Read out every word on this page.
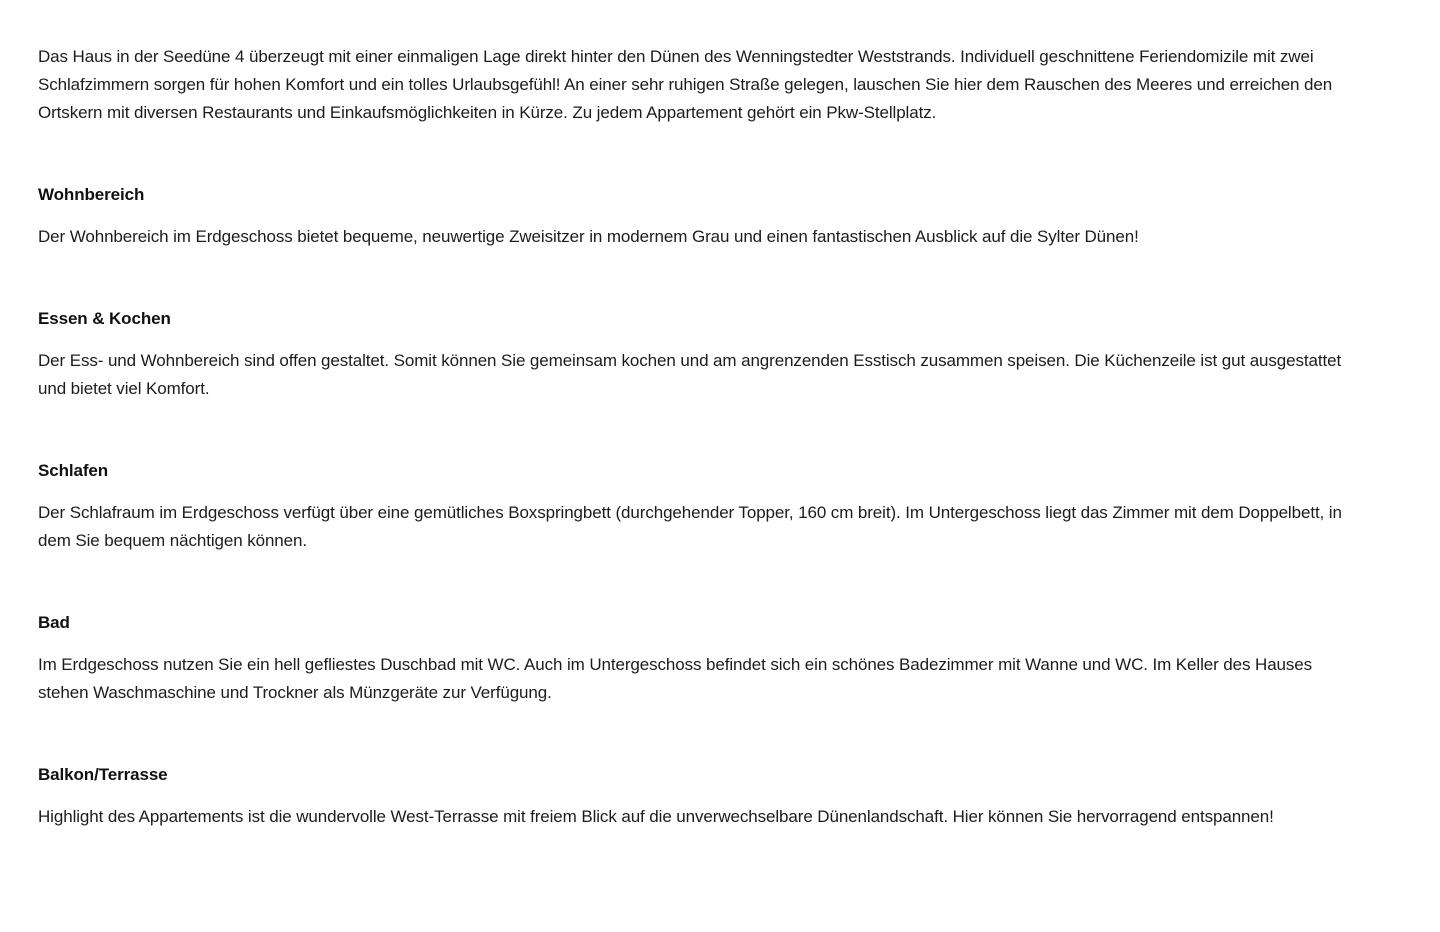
Das Haus in der Seedüne 4 überzeugt mit einer einmaligen Lage direkt hinter den Dünen des Wenningstedter Weststrands. Individuell geschnittene Feriendomizile mit zwei Schlafzimmern sorgen für hohen Komfort und ein tolles Urlaubsgefühl! An einer sehr ruhigen Straße gelegen, lauschen Sie hier dem Rauschen des Meeres und erreichen den Ortskern mit diversen Restaurants und Einkaufsmöglichkeiten in Kürze. Zu jedem Appartement gehört ein Pkw-Stellplatz.

Wohnbereich

Der Wohnbereich im Erdgeschoss bietet bequeme, neuwertige Zweisitzer in modernem Grau und einen fantastischen Ausblick auf die Sylter Dünen!

Essen & Kochen

Der Ess- und Wohnbereich sind offen gestaltet. Somit können Sie gemeinsam kochen und am angrenzenden Esstisch zusammen speisen. Die Küchenzeile ist gut ausgestattet und bietet viel Komfort.

Schlafen

Der Schlafraum im Erdgeschoss verfügt über eine gemütliches Boxspringbett (durchgehender Topper, 160 cm breit). Im Untergeschoss liegt das Zimmer mit dem Doppelbett, in dem Sie bequem nächtigen können.

Bad

Im Erdgeschoss nutzen Sie ein hell gefliestes Duschbad mit WC. Auch im Untergeschoss befindet sich ein schönes Badezimmer mit Wanne und WC. Im Keller des Hauses stehen Waschmaschine und Trockner als Münzgeräte zur Verfügung.

Balkon/Terrasse

Highlight des Appartements ist die wundervolle West-Terrasse mit freiem Blick auf die unverwechselbare Dünenlandschaft. Hier können Sie hervorragend entspannen!
